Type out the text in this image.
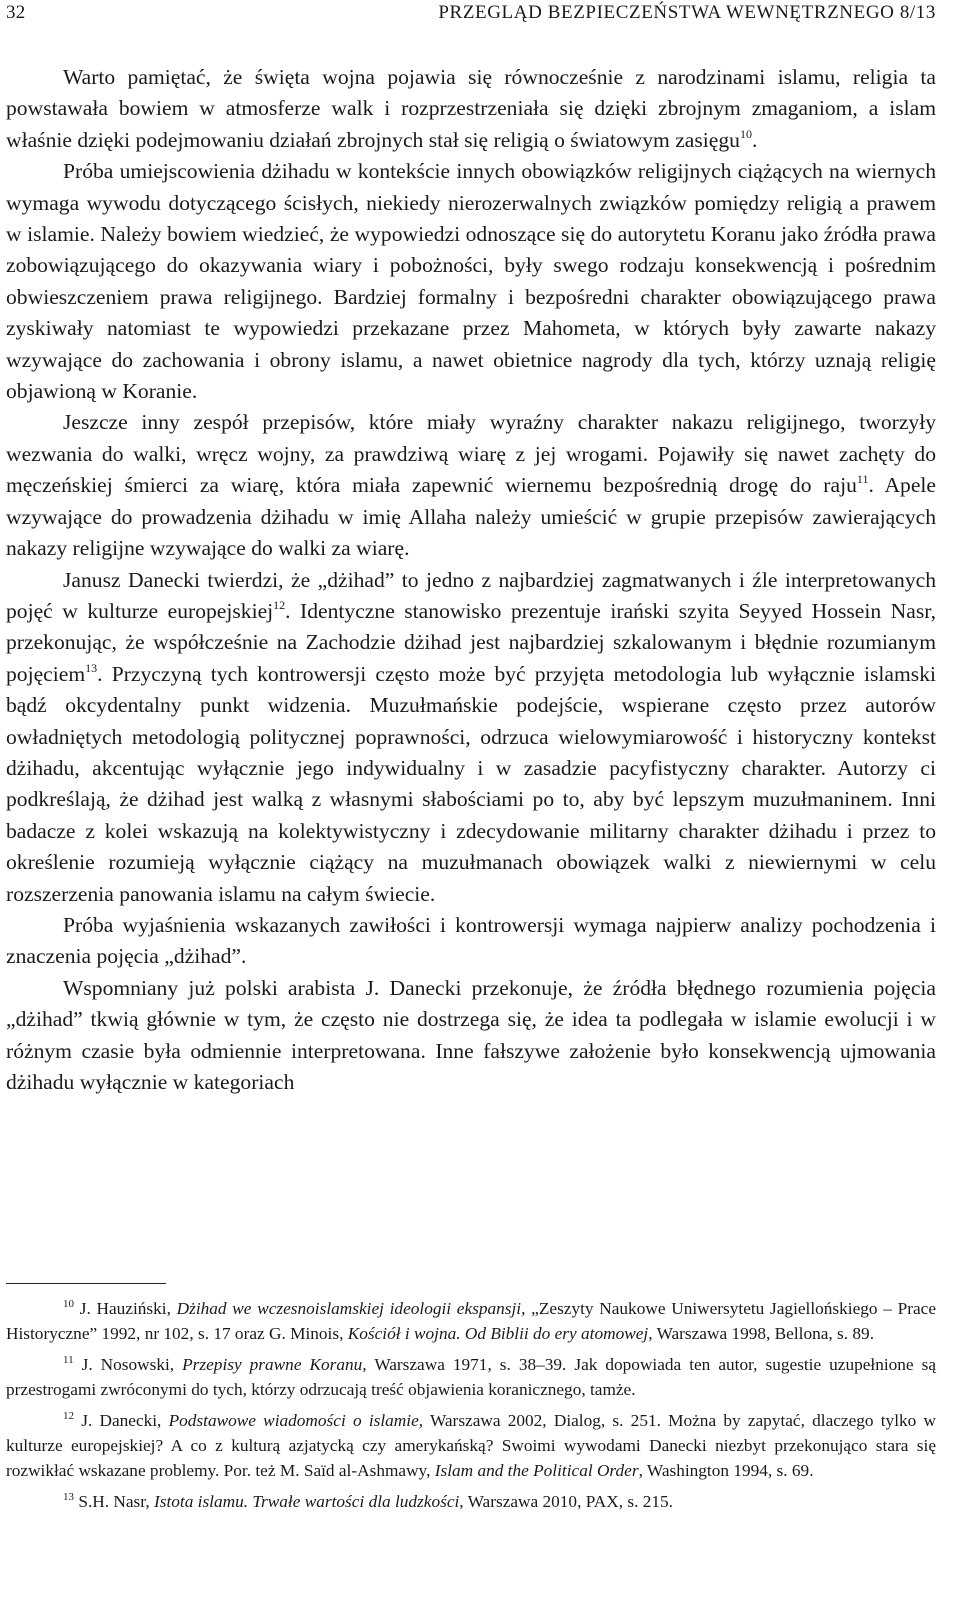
32	PRZEGLĄD BEZPIECZEŃSTWA WEWNĘTRZNEGO 8/13

Warto pamiętać, że święta wojna pojawia się równocześnie z narodzinami islamu, religia ta powstawała bowiem w atmosferze walk i rozprzestrzeniała się dzięki zbrojnym zmaganiom, a islam właśnie dzięki podejmowaniu działań zbrojnych stał się religią o światowym zasięgu$^{10}$.

Próba umiejscowienia dżihadu w kontekście innych obowiązków religijnych ciążących na wiernych wymaga wywodu dotyczącego ścisłych, niekiedy nierozerwalnych związków pomiędzy religią a prawem w islamie. Należy bowiem wiedzieć, że wypowiedzi odnoszące się do autorytetu Koranu jako źródła prawa zobowiązującego do okazywania wiary i pobożności, były swego rodzaju konsekwencją i pośrednim obwieszczeniem prawa religijnego. Bardziej formalny i bezpośredni charakter obowiązującego prawa zyskiwały natomiast te wypowiedzi przekazane przez Mahometa, w których były zawarte nakazy wzywające do zachowania i obrony islamu, a nawet obietnice nagrody dla tych, którzy uznają religię objawioną w Koranie.

Jeszcze inny zespół przepisów, które miały wyraźny charakter nakazu religijnego, tworzyły wezwania do walki, wręcz wojny, za prawdziwą wiarę z jej wrogami. Pojawiły się nawet zachęty do męczeńskiej śmierci za wiarę, która miała zapewnić wiernemu bezpośrednią drogę do raju$^{11}$. Apele wzywające do prowadzenia dżihadu w imię Allaha należy umieścić w grupie przepisów zawierających nakazy religijne wzywające do walki za wiarę.

Janusz Danecki twierdzi, że „dżihad” to jedno z najbardziej zagmatwanych i źle interpretowanych pojęć w kulturze europejskiej$^{12}$. Identyczne stanowisko prezentuje irański szyita Seyyed Hossein Nasr, przekonując, że współcześnie na Zachodzie dżihad jest najbardziej szkalowanym i błędnie rozumianym pojęciem$^{13}$. Przyczyną tych kontrowersji często może być przyjęta metodologia lub wyłącznie islamski bądź okcydentalny punkt widzenia. Muzułmańskie podejście, wspierane często przez autorów owładniętych metodologią politycznej poprawności, odrzuca wielowymiarowość i historyczny kontekst dżihadu, akcentując wyłącznie jego indywidualny i w zasadzie pacyfistyczny charakter. Autorzy ci podkreślają, że dżihad jest walką z własnymi słabościami po to, aby być lepszym muzułmaninem. Inni badacze z kolei wskazują na kolektywistyczny i zdecydowanie militarny charakter dżihadu i przez to określenie rozumieją wyłącznie ciążący na muzułmanach obowiązek walki z niewiernymi w celu rozszerzenia panowania islamu na całym świecie.

Próba wyjaśnienia wskazanych zawiłości i kontrowersji wymaga najpierw analizy pochodzenia i znaczenia pojęcia „dżihad”.

Wspomniany już polski arabista J. Danecki przekonuje, że źródła błędnego rozumienia pojęcia „dżihad” tkwią głównie w tym, że często nie dostrzega się, że idea ta podlegała w islamie ewolucji i w różnym czasie była odmiennie interpretowana. Inne fałszywe założenie było konsekwencją ujmowania dżihadu wyłącznie w kategoriach

$^{10}$ J. Hauziński, Dżihad we wczesnoislamskiej ideologii ekspansji, „Zeszyty Naukowe Uniwersytetu Jagiellońskiego – Prace Historyczne” 1992, nr 102, s. 17 oraz G. Minois, Kościół i wojna. Od Biblii do ery atomowej, Warszawa 1998, Bellona, s. 89.

$^{11}$ J. Nosowski, Przepisy prawne Koranu, Warszawa 1971, s. 38–39. Jak dopowiada ten autor, sugestie uzupełnione są przestrogami zwróconymi do tych, którzy odrzucają treść objawienia koranicznego, tamże.

$^{12}$ J. Danecki, Podstawowe wiadomości o islamie, Warszawa 2002, Dialog, s. 251. Można by zapytać, dlaczego tylko w kulturze europejskiej? A co z kulturą azjatycką czy amerykańską? Swoimi wywodami Danecki niezbyt przekonująco stara się rozwikłać wskazane problemy. Por. też M. Saïd al-Ashmawy, Islam and the Political Order, Washington 1994, s. 69.

$^{13}$ S.H. Nasr, Istota islamu. Trwałe wartości dla ludzkości, Warszawa 2010, PAX, s. 215.
